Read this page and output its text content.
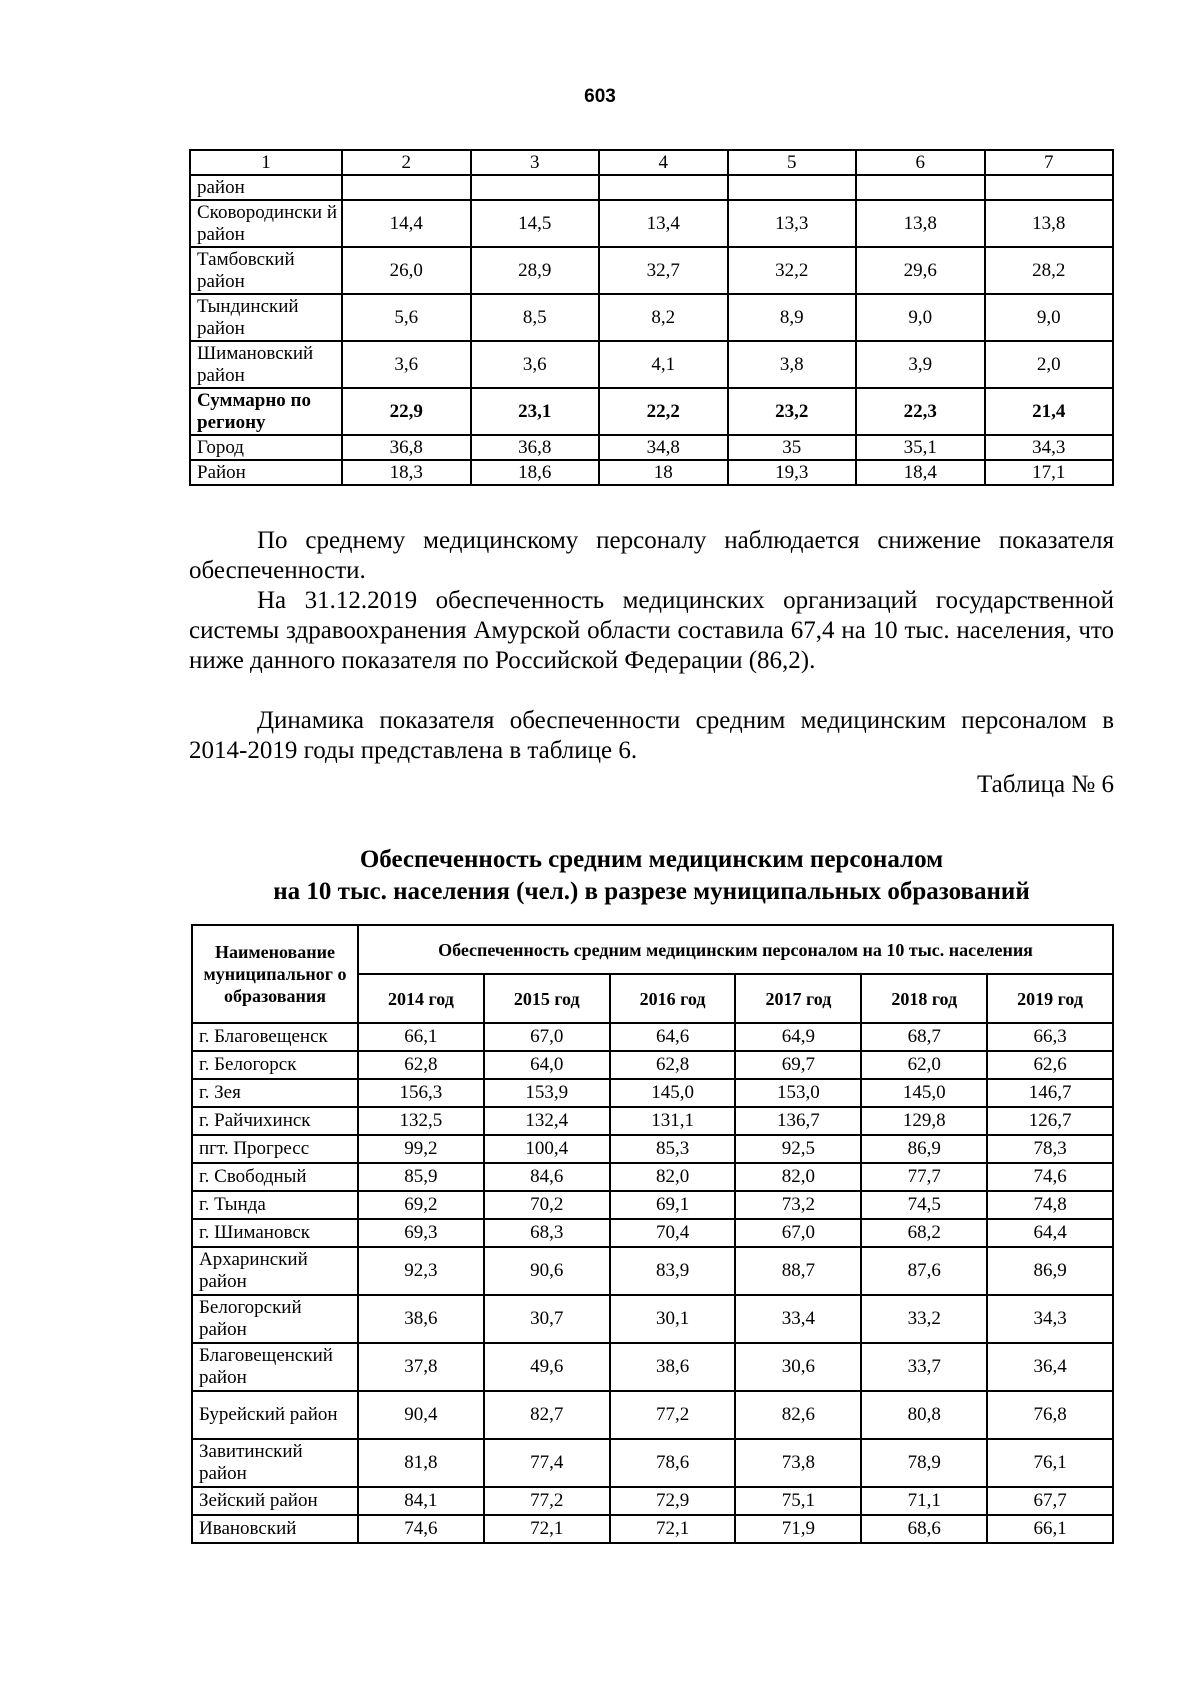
603
1	2	3	4	5	6	7
район						
Сковородински й район	14,4	14,5	13,4	13,3	13,8	13,8
Тамбовский район	26,0	28,9	32,7	32,2	29,6	28,2
Тындинский район	5,6	8,5	8,2	8,9	9,0	9,0
Шимановский район	3,6	3,6	4,1	3,8	3,9	2,0
Суммарно по региону	22,9	23,1	22,2	23,2	22,3	21,4
Город	36,8	36,8	34,8	35	35,1	34,3
Район	18,3	18,6	18	19,3	18,4	17,1
По среднему медицинскому персоналу наблюдается снижение показателя обеспеченности.
На 31.12.2019 обеспеченность медицинских организаций государственной системы здравоохранения Амурской области составила 67,4 на 10 тыс. населения, что ниже данного показателя по Российской Федерации (86,2).
Динамика показателя обеспеченности средним медицинским персоналом в 2014-2019 годы представлена в таблице 6.
Таблица № 6
Обеспеченность средним медицинским персоналом
на 10 тыс. населения (чел.) в разрезе муниципальных образований
Наименование муниципальног о образования	Обеспеченность средним медицинским персоналом на 10 тыс. населения					
	2014 год	2015 год	2016 год	2017 год	2018 год	2019 год
г. Благовещенск	66,1	67,0	64,6	64,9	68,7	66,3
г. Белогорск	62,8	64,0	62,8	69,7	62,0	62,6
г. Зея	156,3	153,9	145,0	153,0	145,0	146,7
г. Райчихинск	132,5	132,4	131,1	136,7	129,8	126,7
пгт. Прогресс	99,2	100,4	85,3	92,5	86,9	78,3
г. Свободный	85,9	84,6	82,0	82,0	77,7	74,6
г. Тында	69,2	70,2	69,1	73,2	74,5	74,8
г. Шимановск	69,3	68,3	70,4	67,0	68,2	64,4
Архаринский район	92,3	90,6	83,9	88,7	87,6	86,9
Белогорский район	38,6	30,7	30,1	33,4	33,2	34,3
Благовещенский район	37,8	49,6	38,6	30,6	33,7	36,4
Бурейский район	90,4	82,7	77,2	82,6	80,8	76,8
Завитинский район	81,8	77,4	78,6	73,8	78,9	76,1
Зейский район	84,1	77,2	72,9	75,1	71,1	67,7
Ивановский	74,6	72,1	72,1	71,9	68,6	66,1
